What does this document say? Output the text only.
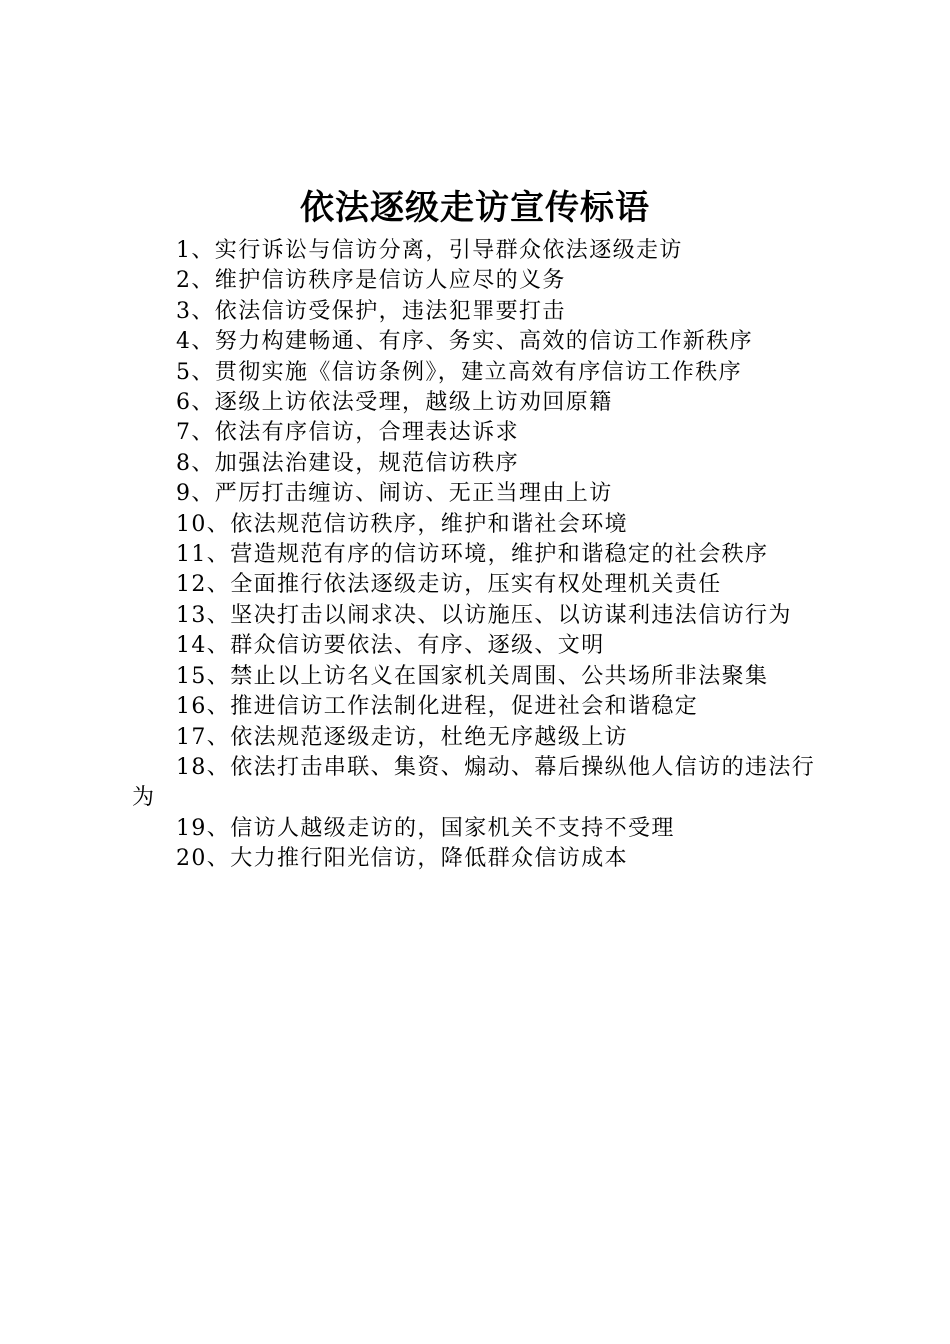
依法逐级走访宣传标语
1、实行诉讼与信访分离，引导群众依法逐级走访
2、维护信访秩序是信访人应尽的义务
3、依法信访受保护，违法犯罪要打击
4、努力构建畅通、有序、务实、高效的信访工作新秩序
5、贯彻实施《信访条例》，建立高效有序信访工作秩序
6、逐级上访依法受理，越级上访劝回原籍
7、依法有序信访，合理表达诉求
8、加强法治建设，规范信访秩序
9、严厉打击缠访、闹访、无正当理由上访
10、依法规范信访秩序，维护和谐社会环境
11、营造规范有序的信访环境，维护和谐稳定的社会秩序
12、全面推行依法逐级走访，压实有权处理机关责任
13、坚决打击以闹求决、以访施压、以访谋利违法信访行为
14、群众信访要依法、有序、逐级、文明
15、禁止以上访名义在国家机关周围、公共场所非法聚集
16、推进信访工作法制化进程，促进社会和谐稳定
17、依法规范逐级走访，杜绝无序越级上访
18、依法打击串联、集资、煽动、幕后操纵他人信访的违法行为
19、信访人越级走访的，国家机关不支持不受理
20、大力推行阳光信访，降低群众信访成本
